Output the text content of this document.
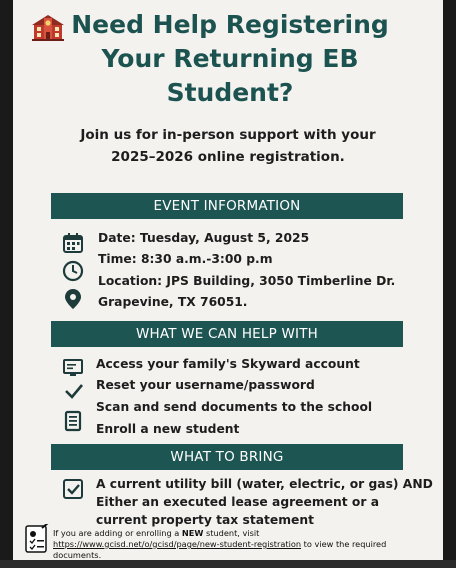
Need Help Registering
Your Returning EB
Student?
Join us for in-person support with your
2025–2026 online registration.
EVENT INFORMATION
Date: Tuesday, August 5, 2025
Time: 8:30 a.m.-3:00 p.m
Location: JPS Building, 3050 Timberline Dr.
Grapevine, TX 76051.
WHAT WE CAN HELP WITH
Access your family's Skyward account
Reset your username/password
Scan and send documents to the school
Enroll a new student
WHAT TO BRING
A current utility bill (water, electric, or gas) AND
Either an executed lease agreement or a
current property tax statement
If you are adding or enrolling a NEW student, visit https://www.gcisd.net/o/gcisd/page/new-student-registration to view the required documents.
